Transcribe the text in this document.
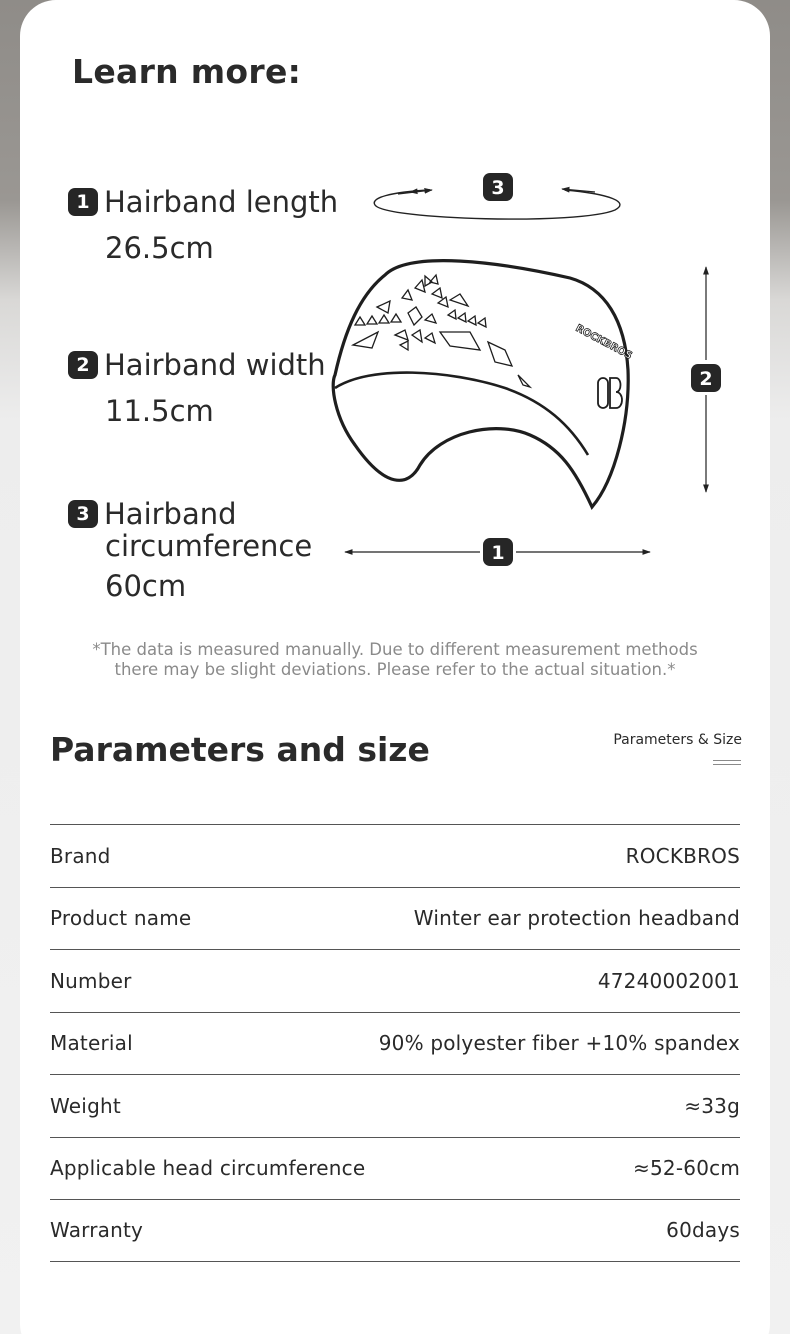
Learn more:
1 Hairband length
26.5cm
2 Hairband width
11.5cm
3 Hairband
circumference
60cm
3
2
1
ROCKBROS
*The data is measured manually. Due to different measurement methods
there may be slight deviations. Please refer to the actual situation.*
Parameters and size	Parameters & Size
Brand	ROCKBROS
Product name	Winter ear protection headband
Number	47240002001
Material	90% polyester fiber +10% spandex
Weight	≈33g
Applicable head circumference	≈52-60cm
Warranty	60days
